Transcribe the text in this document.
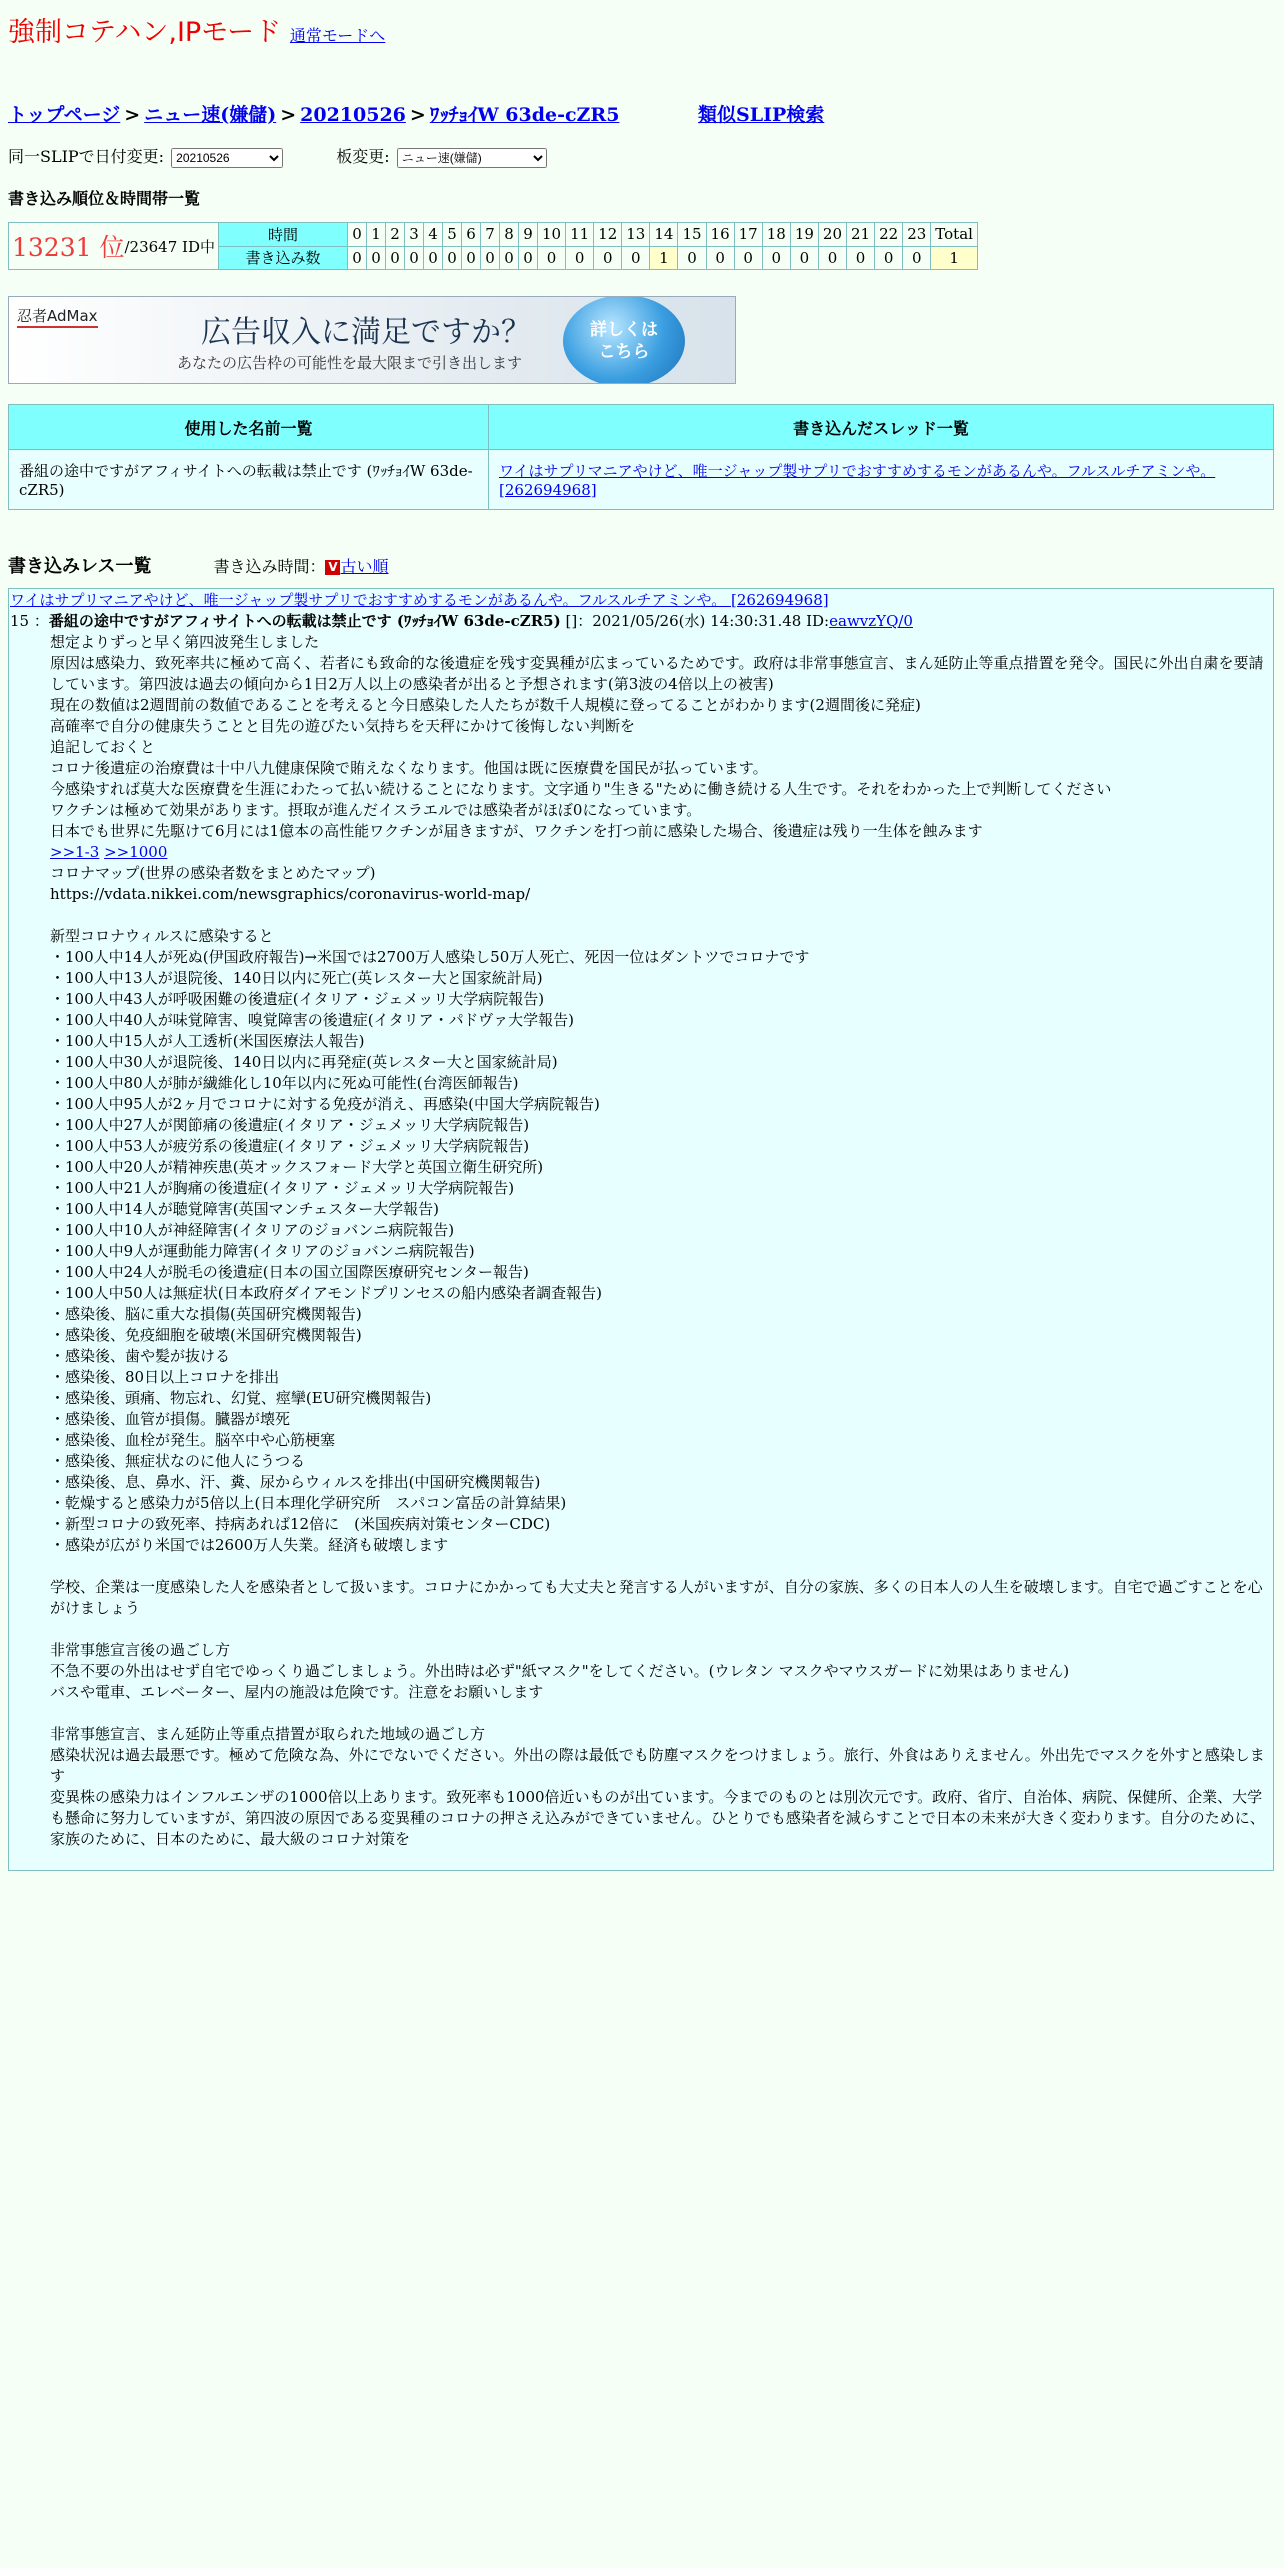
強制コテハン,IPモード 通常モードへ
トップページ > ニュー速(嫌儲) > 20210526 > ﾜｯﾁｮｲW 63de-cZR5	類似SLIP検索
同一SLIPで日付変更:
20210526	板変更:
ニュー速(嫌儲)
書き込み順位＆時間帯一覧
13231 位 /23647 ID中
時間	0	1	2	3	4	5	6	7	8	9	10	11	12	13	14	15	16	17	18	19	20	21	22	23	Total
書き込み数	0	0	0	0	0	0	0	0	0	0	0	0	0	0	1	0	0	0	0	0	0	0	0	0	1
忍者AdMax	広告収入に満足ですか？
あなたの広告枠の可能性を最大限まで引き出します
詳しくは
こちら
使用した名前一覧	書き込んだスレッド一覧
番組の途中ですがアフィサイトへの転載は禁止です (ﾜｯﾁｮｲW 63de-cZR5)	ワイはサプリマニアやけど、唯一ジャップ製サプリでおすすめするモンがあるんや。フルスルチアミンや。 [262694968]
書き込みレス一覧	書き込み時間： V 古い順
ワイはサプリマニアやけど、唯一ジャップ製サプリでおすすめするモンがあるんや。フルスルチアミンや。 [262694968]
15 ：番組の途中ですがアフィサイトへの転載は禁止です (ﾜｯﾁｮｲW 63de-cZR5) []：2021/05/26(水) 14:30:31.48 ID:eawvzYQ/0
想定よりずっと早く第四波発生しました
原因は感染力、致死率共に極めて高く、若者にも致命的な後遺症を残す変異種が広まっているためです。政府は非常事態宣言、まん延防止等重点措置を発令。国民に外出自粛を要請しています。第四波は過去の傾向から1日2万人以上の感染者が出ると予想されます(第3波の4倍以上の被害)
現在の数値は2週間前の数値であることを考えると今日感染した人たちが数千人規模に登ってることがわかります(2週間後に発症)
高確率で自分の健康失うことと目先の遊びたい気持ちを天秤にかけて後悔しない判断を
追記しておくと
コロナ後遺症の治療費は十中八九健康保険で賄えなくなります。他国は既に医療費を国民が払っています。
今感染すれば莫大な医療費を生涯にわたって払い続けることになります。文字通り"生きる"ために働き続ける人生です。それをわかった上で判断してください
ワクチンは極めて効果があります。摂取が進んだイスラエルでは感染者がほぼ0になっています。
日本でも世界に先駆けて6月には1億本の高性能ワクチンが届きますが、ワクチンを打つ前に感染した場合、後遺症は残り一生体を蝕みます
>>1-3 >>1000
コロナマップ(世界の感染者数をまとめたマップ)
https://vdata.nikkei.com/newsgraphics/coronavirus-world-map/
新型コロナウィルスに感染すると
・100人中14人が死ぬ(伊国政府報告)→米国では2700万人感染し50万人死亡、死因一位はダントツでコロナです
・100人中13人が退院後、140日以内に死亡(英レスター大と国家統計局)
・100人中43人が呼吸困難の後遺症(イタリア・ジェメッリ大学病院報告)
・100人中40人が味覚障害、嗅覚障害の後遺症(イタリア・パドヴァ大学報告)
・100人中15人が人工透析(米国医療法人報告)
・100人中30人が退院後、140日以内に再発症(英レスター大と国家統計局)
・100人中80人が肺が繊維化し10年以内に死ぬ可能性(台湾医師報告)
・100人中95人が2ヶ月でコロナに対する免疫が消え、再感染(中国大学病院報告)
・100人中27人が関節痛の後遺症(イタリア・ジェメッリ大学病院報告)
・100人中53人が疲労系の後遺症(イタリア・ジェメッリ大学病院報告)
・100人中20人が精神疾患(英オックスフォード大学と英国立衛生研究所)
・100人中21人が胸痛の後遺症(イタリア・ジェメッリ大学病院報告)
・100人中14人が聴覚障害(英国マンチェスター大学報告)
・100人中10人が神経障害(イタリアのジョバンニ病院報告)
・100人中9人が運動能力障害(イタリアのジョバンニ病院報告)
・100人中24人が脱毛の後遺症(日本の国立国際医療研究センター報告)
・100人中50人は無症状(日本政府ダイアモンドプリンセスの船内感染者調査報告)
・感染後、脳に重大な損傷(英国研究機関報告)
・感染後、免疫細胞を破壊(米国研究機関報告)
・感染後、歯や髪が抜ける
・感染後、80日以上コロナを排出
・感染後、頭痛、物忘れ、幻覚、痙攣(EU研究機関報告)
・感染後、血管が損傷。臓器が壊死
・感染後、血栓が発生。脳卒中や心筋梗塞
・感染後、無症状なのに他人にうつる
・感染後、息、鼻水、汗、糞、尿からウィルスを排出(中国研究機関報告)
・乾燥すると感染力が5倍以上(日本理化学研究所　スパコン富岳の計算結果)
・新型コロナの致死率、持病あれば12倍に　(米国疾病対策センターCDC)
・感染が広がり米国では2600万人失業。経済も破壊します
学校、企業は一度感染した人を感染者として扱います。コロナにかかっても大丈夫と発言する人がいますが、自分の家族、多くの日本人の人生を破壊します。自宅で過ごすことを心がけましょう
非常事態宣言後の過ごし方
不急不要の外出はせず自宅でゆっくり過ごしましょう。外出時は必ず"紙マスク"をしてください。(ウレタン マスクやマウスガードに効果はありません)
バスや電車、エレベーター、屋内の施設は危険です。注意をお願いします
非常事態宣言、まん延防止等重点措置が取られた地域の過ごし方
感染状況は過去最悪です。極めて危険な為、外にでないでください。外出の際は最低でも防塵マスクをつけましょう。旅行、外食はありえません。外出先でマスクを外すと感染します
変異株の感染力はインフルエンザの1000倍以上あります。致死率も1000倍近いものが出ています。今までのものとは別次元です。政府、省庁、自治体、病院、保健所、企業、大学も懸命に努力していますが、第四波の原因である変異種のコロナの押さえ込みができていません。ひとりでも感染者を減らすことで日本の未来が大きく変わります。自分のために、家族のために、日本のために、最大級のコロナ対策を
